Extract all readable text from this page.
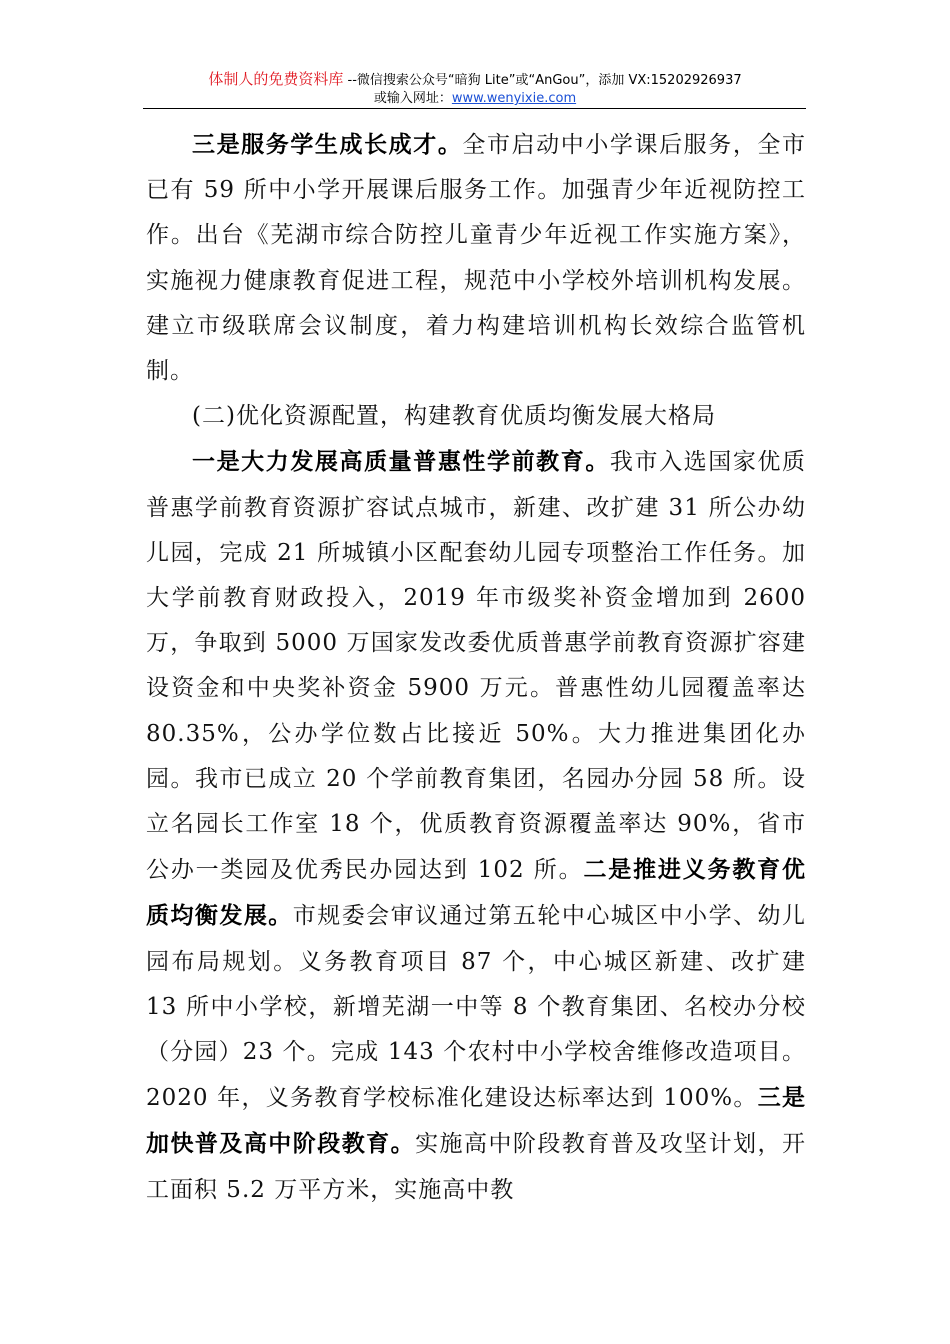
体制人的免费资料库 --微信搜索公众号“暗狗 Lite”或“AnGou”，添加 VX:15202926937
或输入网址：www.wenyixie.com

三是服务学生成长成才。全市启动中小学课后服务，全市已有 59 所中小学开展课后服务工作。加强青少年近视防控工作。出台《芜湖市综合防控儿童青少年近视工作实施方案》，实施视力健康教育促进工程，规范中小学校外培训机构发展。建立市级联席会议制度，着力构建培训机构长效综合监管机制。

(二)优化资源配置，构建教育优质均衡发展大格局

一是大力发展高质量普惠性学前教育。我市入选国家优质普惠学前教育资源扩容试点城市，新建、改扩建 31 所公办幼儿园，完成 21 所城镇小区配套幼儿园专项整治工作任务。加大学前教育财政投入，2019 年市级奖补资金增加到 2600 万，争取到 5000 万国家发改委优质普惠学前教育资源扩容建设资金和中央奖补资金 5900 万元。普惠性幼儿园覆盖率达 80.35%，公办学位数占比接近 50%。大力推进集团化办园。我市已成立 20 个学前教育集团，名园办分园 58 所。设立名园长工作室 18 个，优质教育资源覆盖率达 90%，省市公办一类园及优秀民办园达到 102 所。二是推进义务教育优质均衡发展。市规委会审议通过第五轮中心城区中小学、幼儿园布局规划。义务教育项目 87 个，中心城区新建、改扩建 13 所中小学校，新增芜湖一中等 8 个教育集团、名校办分校（分园）23 个。完成 143 个农村中小学校舍维修改造项目。2020 年，义务教育学校标准化建设达标率达到 100%。三是加快普及高中阶段教育。实施高中阶段教育普及攻坚计划，开工面积 5.2 万平方米，实施高中教
